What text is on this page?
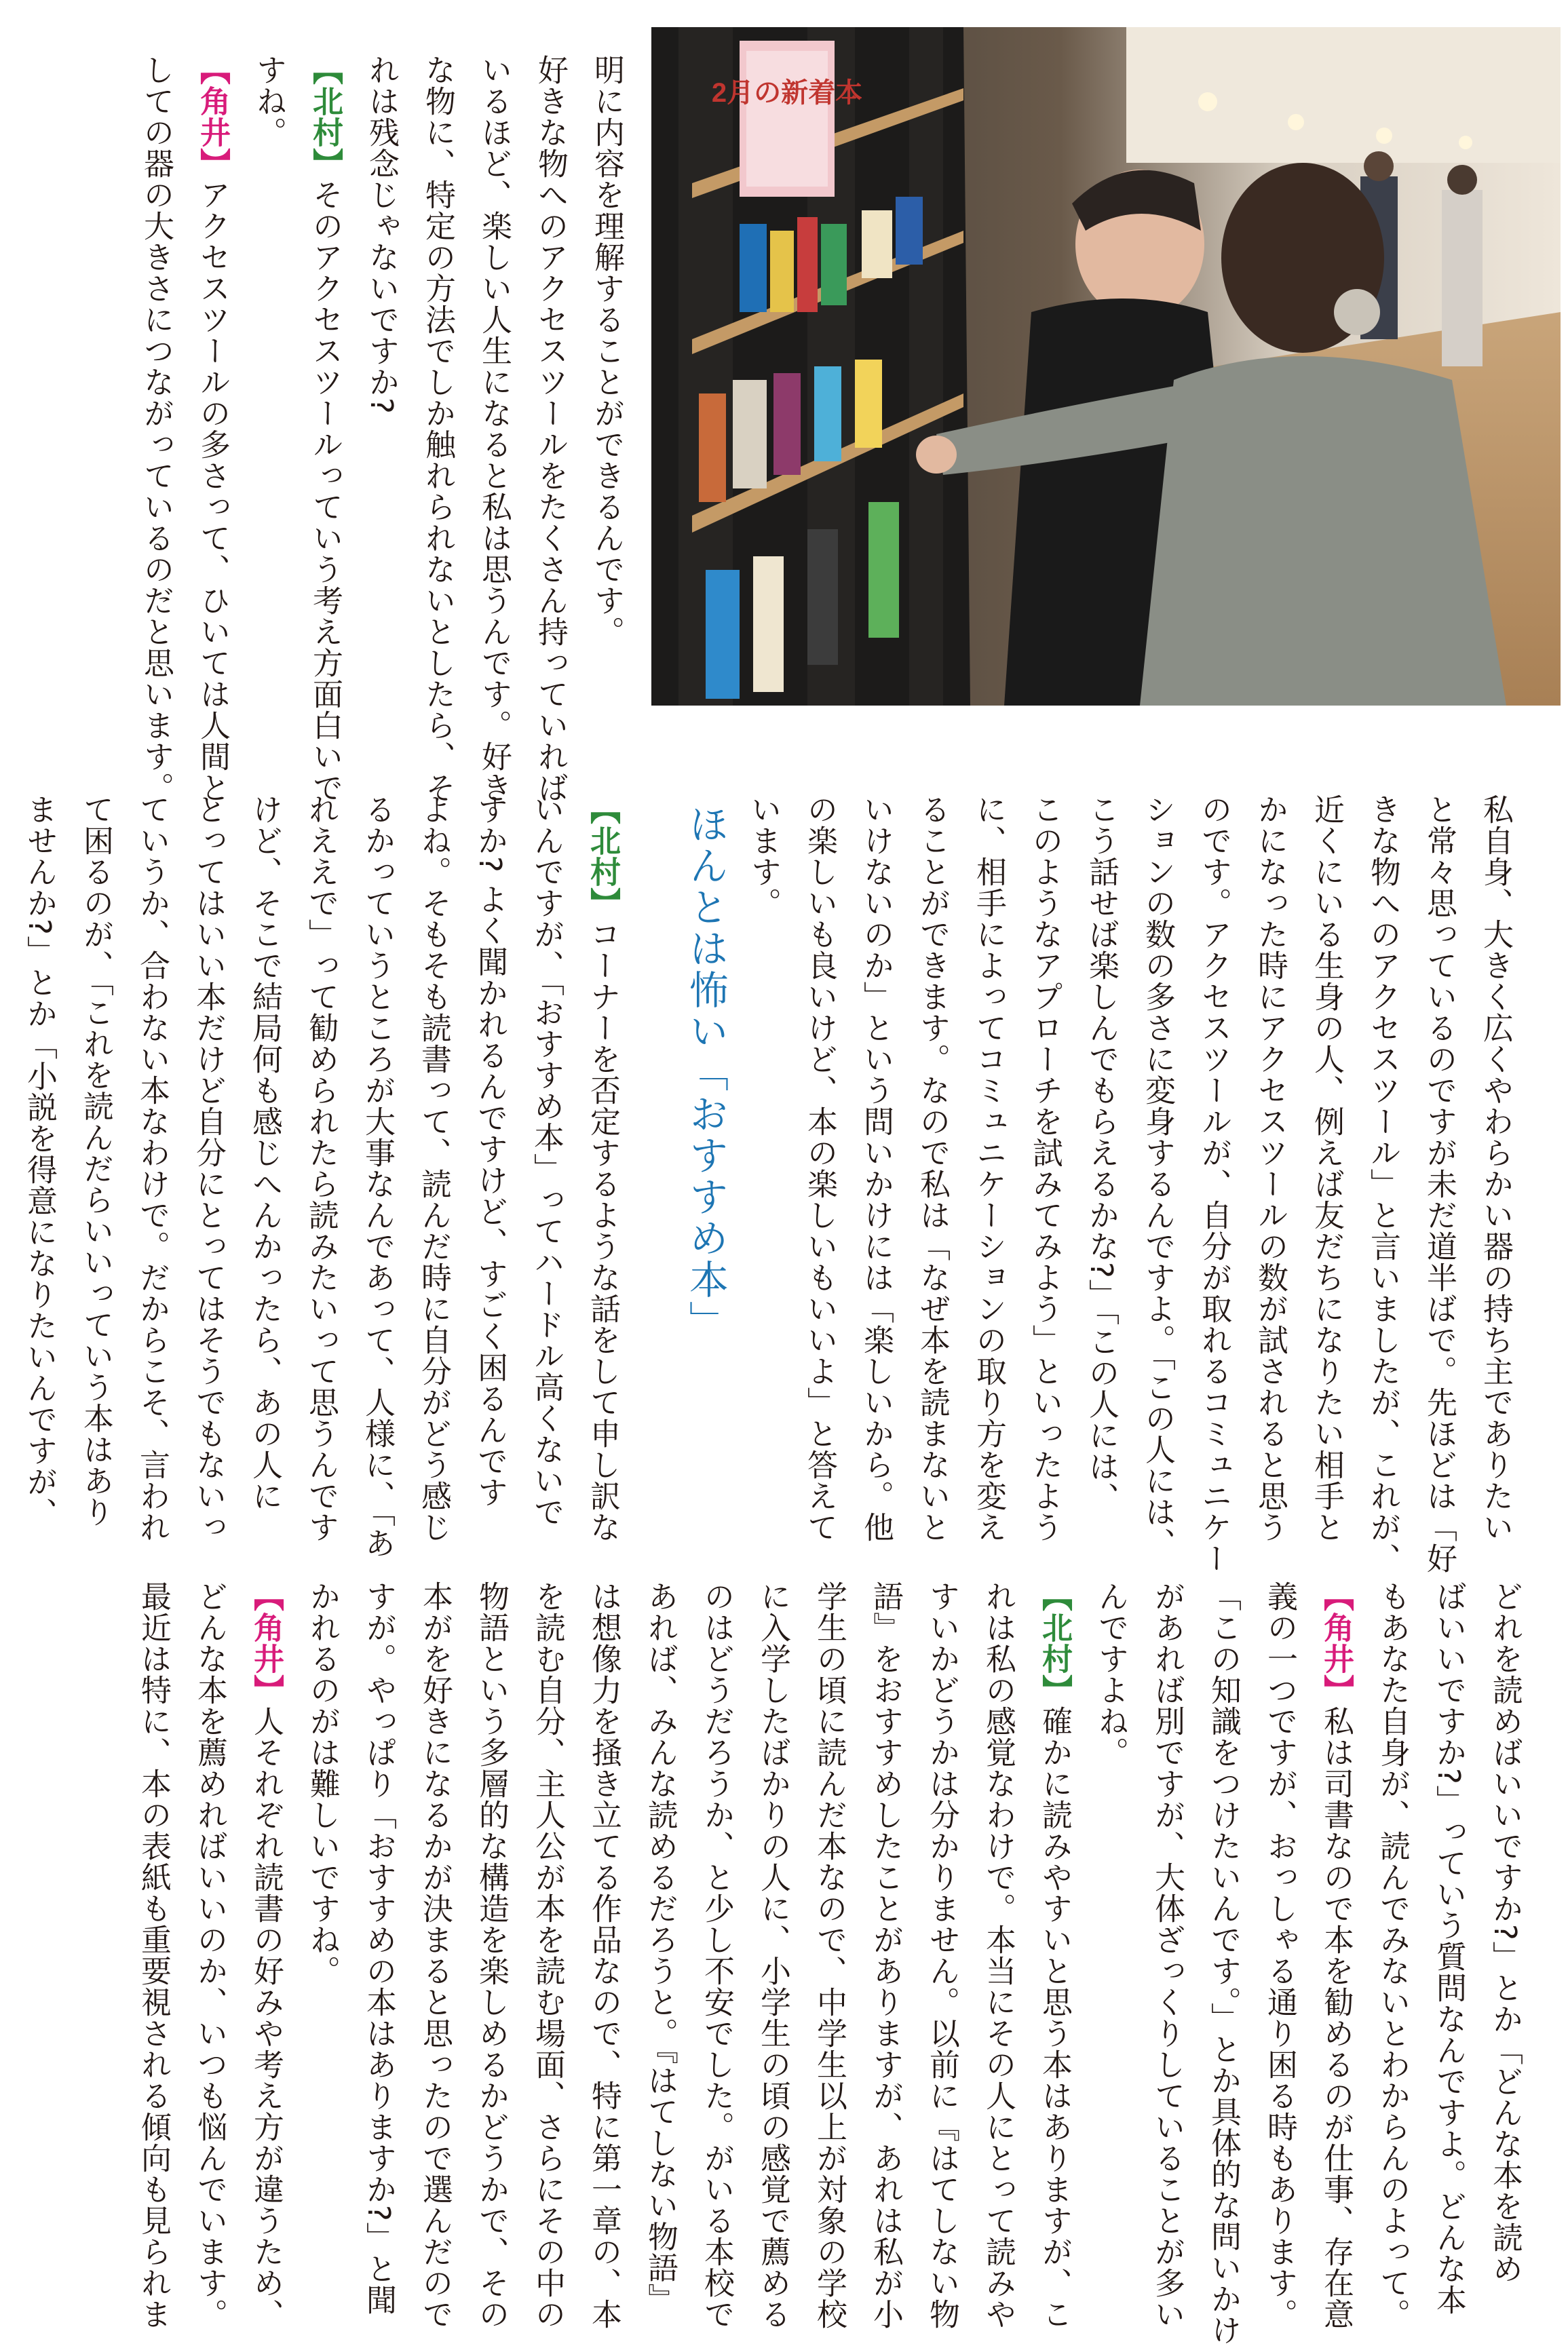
2月の新着本
明に内容を理解することができるんです。
好きな物へのアクセスツールをたくさん持っていれば
いるほど、楽しい人生になると私は思うんです。好き
な物に、特定の方法でしか触れられないとしたら、そ
れは残念じゃないですか?
【北村】そのアクセスツールっていう考え方面白いで
すね。
【角井】アクセスツールの多さって、ひいては人間と
しての器の大きさにつながっているのだと思います。
私自身、大きく広くやわらかい器の持ち主でありたい
と常々思っているのですが未だ道半ばで。先ほどは「好
きな物へのアクセスツール」と言いましたが、これが、
近くにいる生身の人、例えば友だちになりたい相手と
かになった時にアクセスツールの数が試されると思う
のです。アクセスツールが、自分が取れるコミュニケー
ションの数の多さに変身するんですよ。「この人には、
こう話せば楽しんでもらえるかな?」「この人には、
このようなアプローチを試みてみよう」といったよう
に、相手によってコミュニケーションの取り方を変え
ることができます。なので私は「なぜ本を読まないと
いけないのか」という問いかけには「楽しいから。他
の楽しいも良いけど、本の楽しいもいいよ」と答えて
います。
ほんとは怖い「おすすめ本」
【北村】コーナーを否定するような話をして申し訳な
いんですが、「おすすめ本」ってハードル高くないで
すか? よく聞かれるんですけど、すごく困るんです
よね。そもそも読書って、読んだ時に自分がどう感じ
るかっていうところが大事なんであって、人様に、「あ
れええで」って勧められたら読みたいって思うんです
けど、そこで結局何も感じへんかったら、あの人に
とってはいい本だけど自分にとってはそうでもないっ
ていうか、合わない本なわけで。だからこそ、言われ
て困るのが、「これを読んだらいいっていう本はあり
ませんか?」とか「小説を得意になりたいんですが、
どれを読めばいいですか?」とか「どんな本を読め
ばいいですか?」っていう質問なんですよ。どんな本
もあなた自身が、読んでみないとわからんのよって。
【角井】私は司書なので本を勧めるのが仕事、存在意
義の一つですが、おっしゃる通り困る時もあります。
「この知識をつけたいんです。」とか具体的な問いかけ
があれば別ですが、大体ざっくりしていることが多い
んですよね。
【北村】確かに読みやすいと思う本はありますが、こ
れは私の感覚なわけで。本当にその人にとって読みや
すいかどうかは分かりません。以前に『はてしない物
語』をおすすめしたことがありますが、あれは私が小
学生の頃に読んだ本なので、中学生以上が対象の学校
に入学したばかりの人に、小学生の頃の感覚で薦める
のはどうだろうか、と少し不安でした。がいる本校で
あれば、みんな読めるだろうと。『はてしない物語』
は想像力を掻き立てる作品なので、特に第一章の、本
を読む自分、主人公が本を読む場面、さらにその中の
物語という多層的な構造を楽しめるかどうかで、その
本がを好きになるかが決まると思ったので選んだので
すが。やっぱり「おすすめの本はありますか?」と聞
かれるのがは難しいですね。
【角井】人それぞれ読書の好みや考え方が違うため、
どんな本を薦めればいいのか、いつも悩んでいます。
最近は特に、本の表紙も重要視される傾向も見られま
